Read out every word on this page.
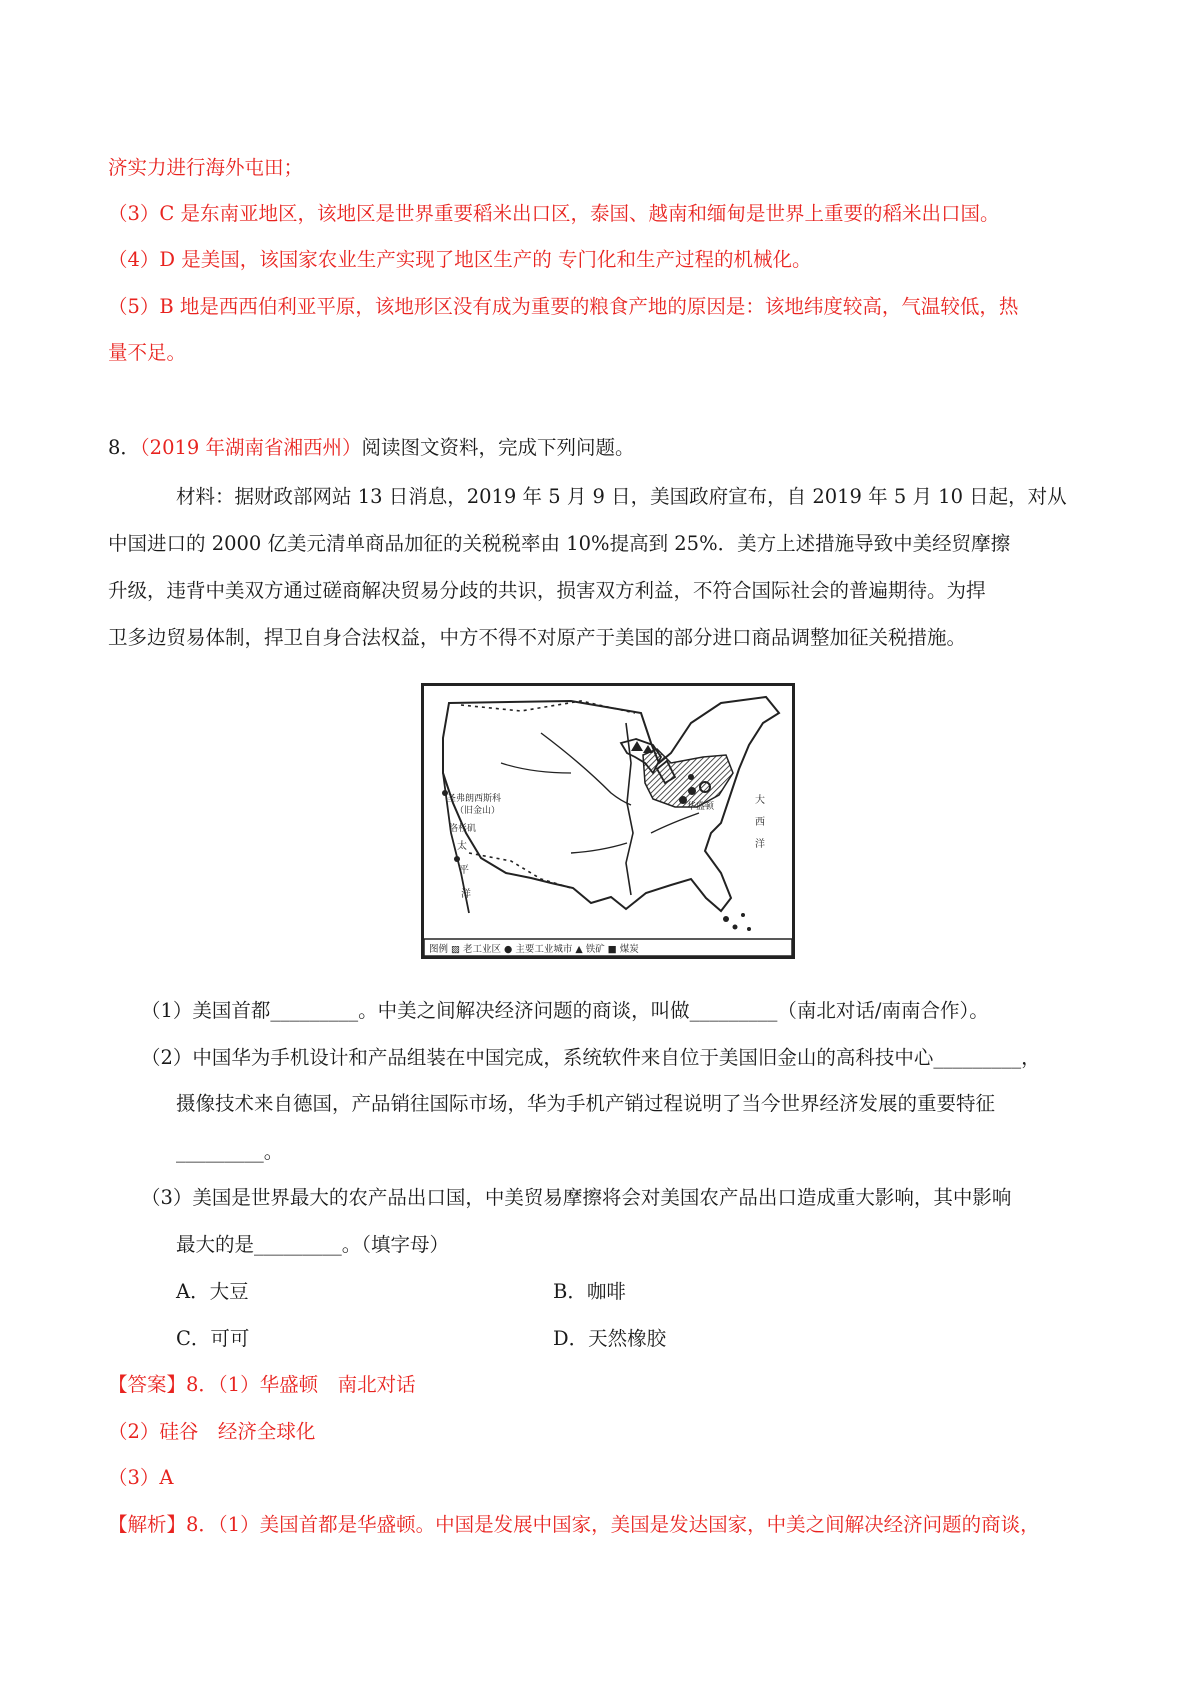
济实力进行海外屯田；
（3）C 是东南亚地区，该地区是世界重要稻米出口区，泰国、越南和缅甸是世界上重要的稻米出口国。
（4）D 是美国，该国家农业生产实现了地区生产的 专门化和生产过程的机械化。
（5）B 地是西西伯利亚平原，该地形区没有成为重要的粮食产地的原因是：该地纬度较高，气温较低，热
量不足。
8．（2019 年湖南省湘西州）阅读图文资料，完成下列问题。
材料：据财政部网站 13 日消息，2019 年 5 月 9 日，美国政府宣布，自 2019 年 5 月 10 日起，对从
中国进口的 2000 亿美元清单商品加征的关税税率由 10%提高到 25%．美方上述措施导致中美经贸摩擦
升级，违背中美双方通过磋商解决贸易分歧的共识，损害双方利益，不符合国际社会的普遍期待。为捍
卫多边贸易体制，捍卫自身合法权益，中方不得不对原产于美国的部分进口商品调整加征关税措施。
圣弗朗西斯科
（旧金山）
洛杉矶
华盛顿
太
平
洋
大
西
洋
图例 ▨ 老工业区 ● 主要工业城市 ▲ 铁矿 ■ 煤炭
（1）美国首都_________。中美之间解决经济问题的商谈，叫做_________（南北对话/南南合作）。
（2）中国华为手机设计和产品组装在中国完成，系统软件来自位于美国旧金山的高科技中心_________，
摄像技术来自德国，产品销往国际市场，华为手机产销过程说明了当今世界经济发展的重要特征
_________。
（3）美国是世界最大的农产品出口国，中美贸易摩擦将会对美国农产品出口造成重大影响，其中影响
最大的是_________。（填字母）
A．大豆	B．咖啡
C．可可	D．天然橡胶
【答案】8．（1）华盛顿　南北对话
（2）硅谷　经济全球化
（3）A
【解析】8．（1）美国首都是华盛顿。中国是发展中国家，美国是发达国家，中美之间解决经济问题的商谈，
